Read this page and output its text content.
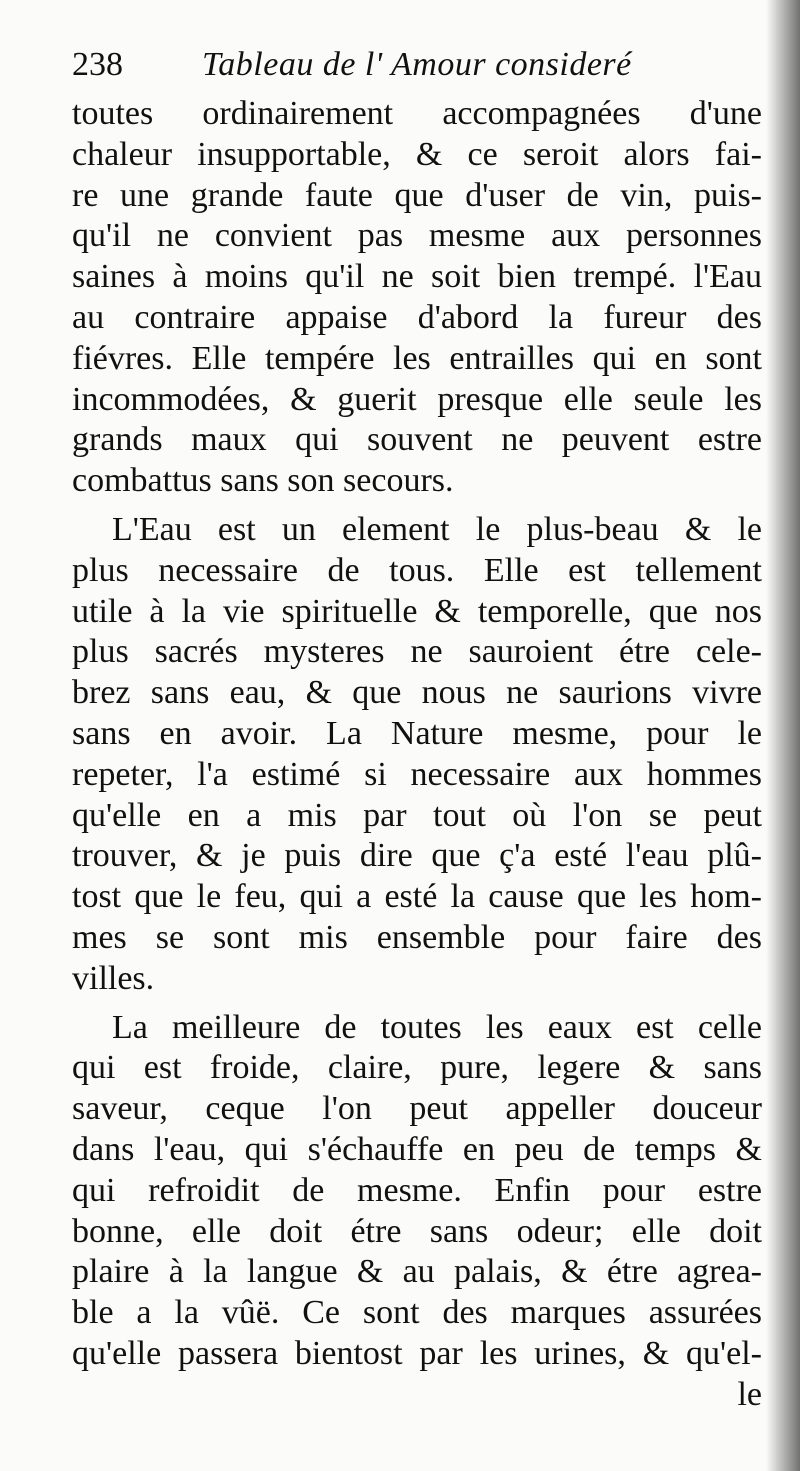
238 Tableau de l' Amour consideré
toutes ordinairement accompagnées d'une
chaleur insupportable, & ce seroit alors fai-
re une grande faute que d'user de vin, puis-
qu'il ne convient pas mesme aux personnes
saines à moins qu'il ne soit bien trempé. l'Eau
au contraire appaise d'abord la fureur des
fiévres. Elle tempére les entrailles qui en sont
incommodées, & guerit presque elle seule les
grands maux qui souvent ne peuvent estre
combattus sans son secours.
L'Eau est un element le plus-beau & le
plus necessaire de tous. Elle est tellement
utile à la vie spirituelle & temporelle, que nos
plus sacrés mysteres ne sauroient étre cele-
brez sans eau, & que nous ne saurions vivre
sans en avoir. La Nature mesme, pour le
repeter, l'a estimé si necessaire aux hommes
qu'elle en a mis par tout où l'on se peut
trouver, & je puis dire que ç'a esté l'eau plû-
tost que le feu, qui a esté la cause que les hom-
mes se sont mis ensemble pour faire des
villes.
La meilleure de toutes les eaux est celle
qui est froide, claire, pure, legere & sans
saveur, ceque l'on peut appeller douceur
dans l'eau, qui s'échauffe en peu de temps &
qui refroidit de mesme. Enfin pour estre
bonne, elle doit étre sans odeur; elle doit
plaire à la langue & au palais, & étre agrea-
ble a la vûë. Ce sont des marques assurées
qu'elle passera bientost par les urines, & qu'el-
le
